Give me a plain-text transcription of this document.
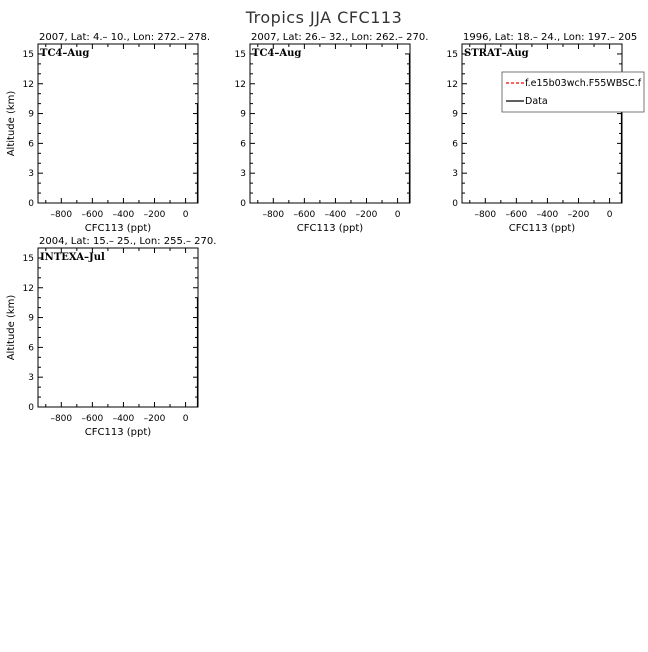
Tropics JJA CFC113
–800 –600 –400 –200 0
0
3
6
9
12
15
2007, Lat: 4.– 10., Lon: 272.– 278.
TC4–Aug
CFC113 (ppt)
Altitude (km)
–800 –600 –400 –200 0
0
3
6
9
12
15
2007, Lat: 26.– 32., Lon: 262.– 270.
TC4–Aug
CFC113 (ppt)
–800 –600 –400 –200 0
0
3
6
9
12
15
1996, Lat: 18.– 24., Lon: 197.– 205
STRAT–Aug
CFC113 (ppt)
f.e15b03wch.F55WBSC.f
Data
–800 –600 –400 –200 0
0
3
6
9
12
15
2004, Lat: 15.– 25., Lon: 255.– 270.
INTEXA–Jul
CFC113 (ppt)
Altitude (km)
